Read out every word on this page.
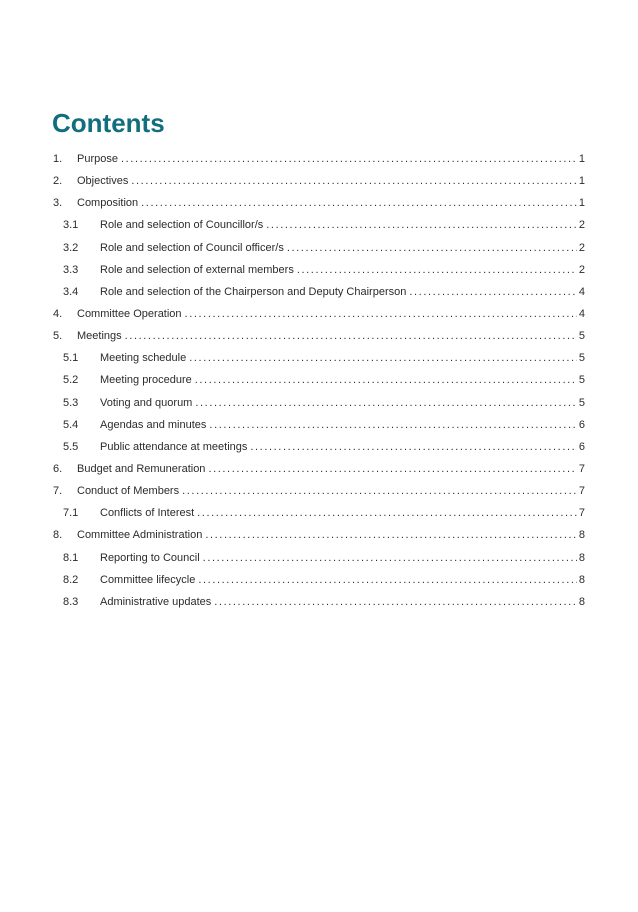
Contents
1.	Purpose .....	1
2.	Objectives .....	1
3.	Composition .....	1
3.1	Role and selection of Councillor/s .....	2
3.2	Role and selection of Council officer/s .....	2
3.3	Role and selection of external members .....	2
3.4	Role and selection of the Chairperson and Deputy Chairperson .....	4
4.	Committee Operation .....	4
5.	Meetings .....	5
5.1	Meeting schedule .....	5
5.2	Meeting procedure .....	5
5.3	Voting and quorum .....	5
5.4	Agendas and minutes .....	6
5.5	Public attendance at meetings .....	6
6.	Budget and Remuneration .....	7
7.	Conduct of Members .....	7
7.1	Conflicts of Interest .....	7
8.	Committee Administration .....	8
8.1	Reporting to Council .....	8
8.2	Committee lifecycle .....	8
8.3	Administrative updates .....	8
